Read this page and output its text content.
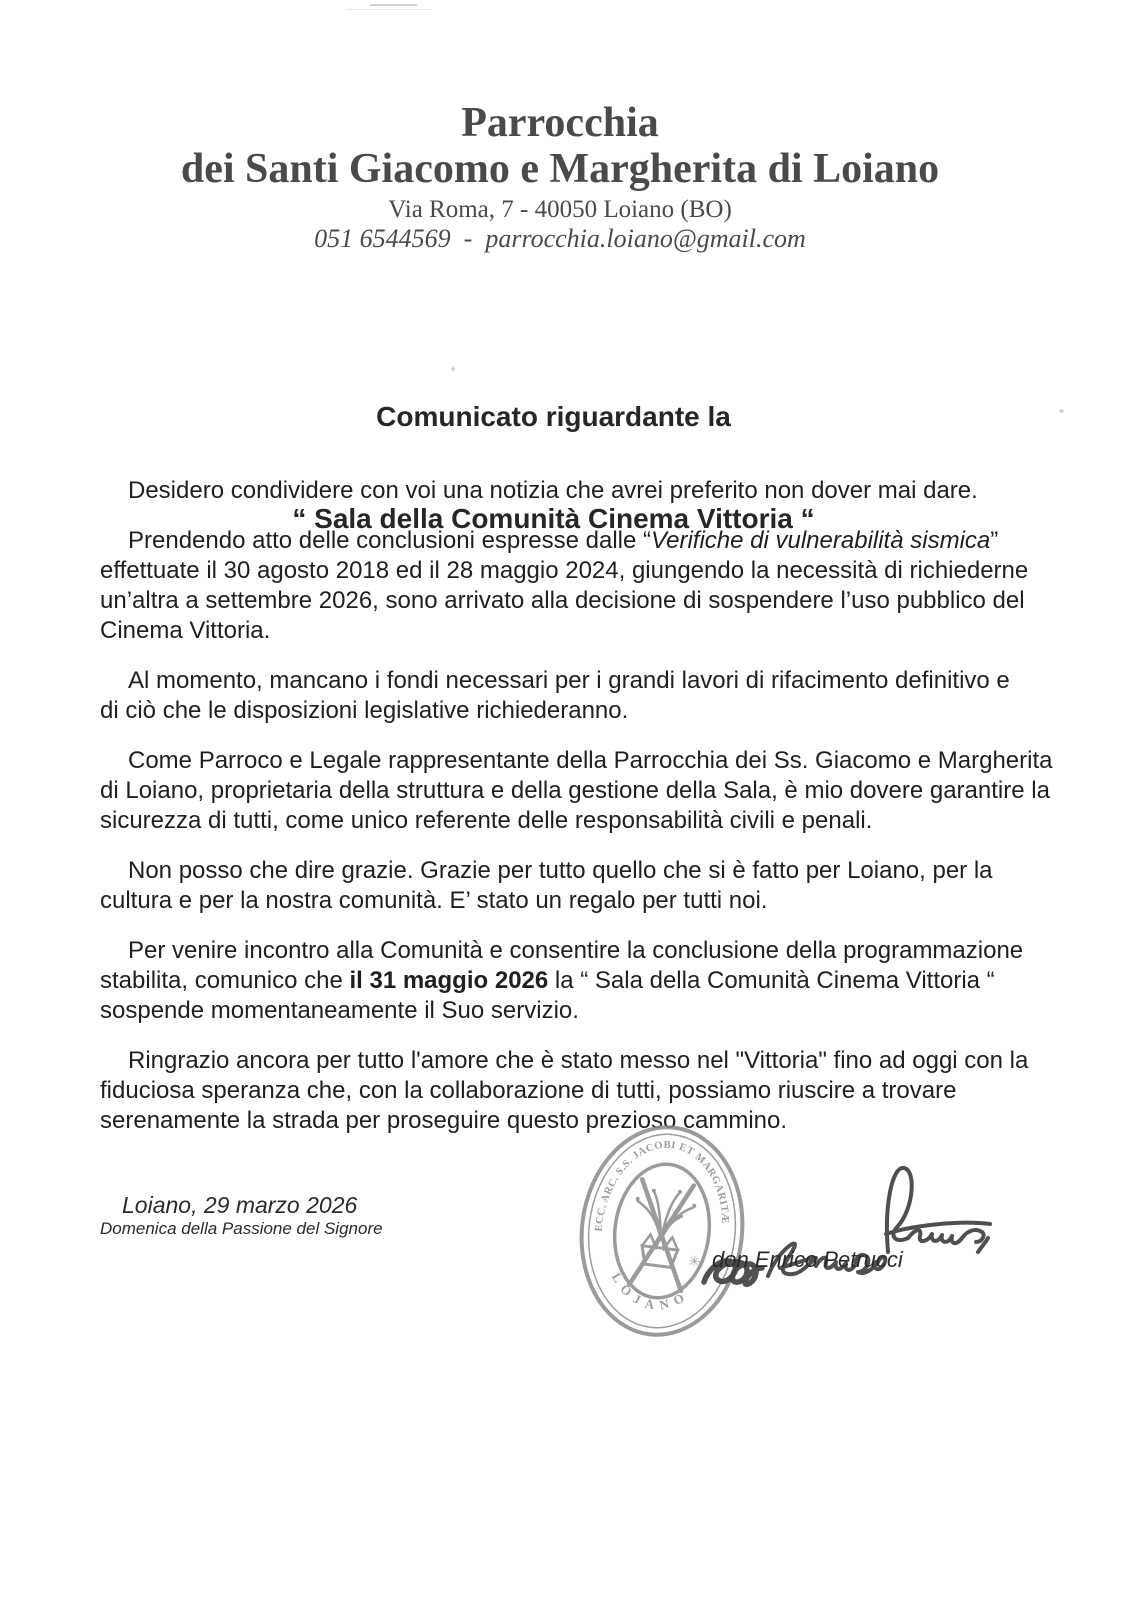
Parrocchia
dei Santi Giacomo e Margherita di Loiano
Via Roma, 7 - 40050 Loiano (BO)
051 6544569  -  parrocchia.loiano@gmail.com

Comunicato riguardante la

“ Sala della Comunità Cinema Vittoria “

Desidero condividere con voi una notizia che avrei preferito non dover mai dare.

Prendendo atto delle conclusioni espresse dalle “Verifiche di vulnerabilità sismica”
effettuate il 30 agosto 2018 ed il 28 maggio 2024, giungendo la necessità di richiederne
un’altra a settembre 2026, sono arrivato alla decisione di sospendere l’uso pubblico del
Cinema Vittoria.

Al momento, mancano i fondi necessari per i grandi lavori di rifacimento definitivo e
di ciò che le disposizioni legislative richiederanno.

Come Parroco e Legale rappresentante della Parrocchia dei Ss. Giacomo e Margherita
di Loiano, proprietaria della struttura e della gestione della Sala, è mio dovere garantire la
sicurezza di tutti, come unico referente delle responsabilità civili e penali.

Non posso che dire grazie. Grazie per tutto quello che si è fatto per Loiano, per la
cultura e per la nostra comunità. E’ stato un regalo per tutti noi.

Per venire incontro alla Comunità e consentire la conclusione della programmazione
stabilita, comunico che il 31 maggio 2026 la “ Sala della Comunità Cinema Vittoria “
sospende momentaneamente il Suo servizio.

Ringrazio ancora per tutto l'amore che è stato messo nel "Vittoria" fino ad oggi con la
fiduciosa speranza che, con la collaborazione di tutti, possiamo riuscire a trovare
serenamente la strada per proseguire questo prezioso cammino.

Loiano, 29 marzo 2026
Domenica della Passione del Signore	ECC. ARC. S.S. JACOBI ET MARGARITÆ
LOJANO
✳ don Enrico Petrucci
